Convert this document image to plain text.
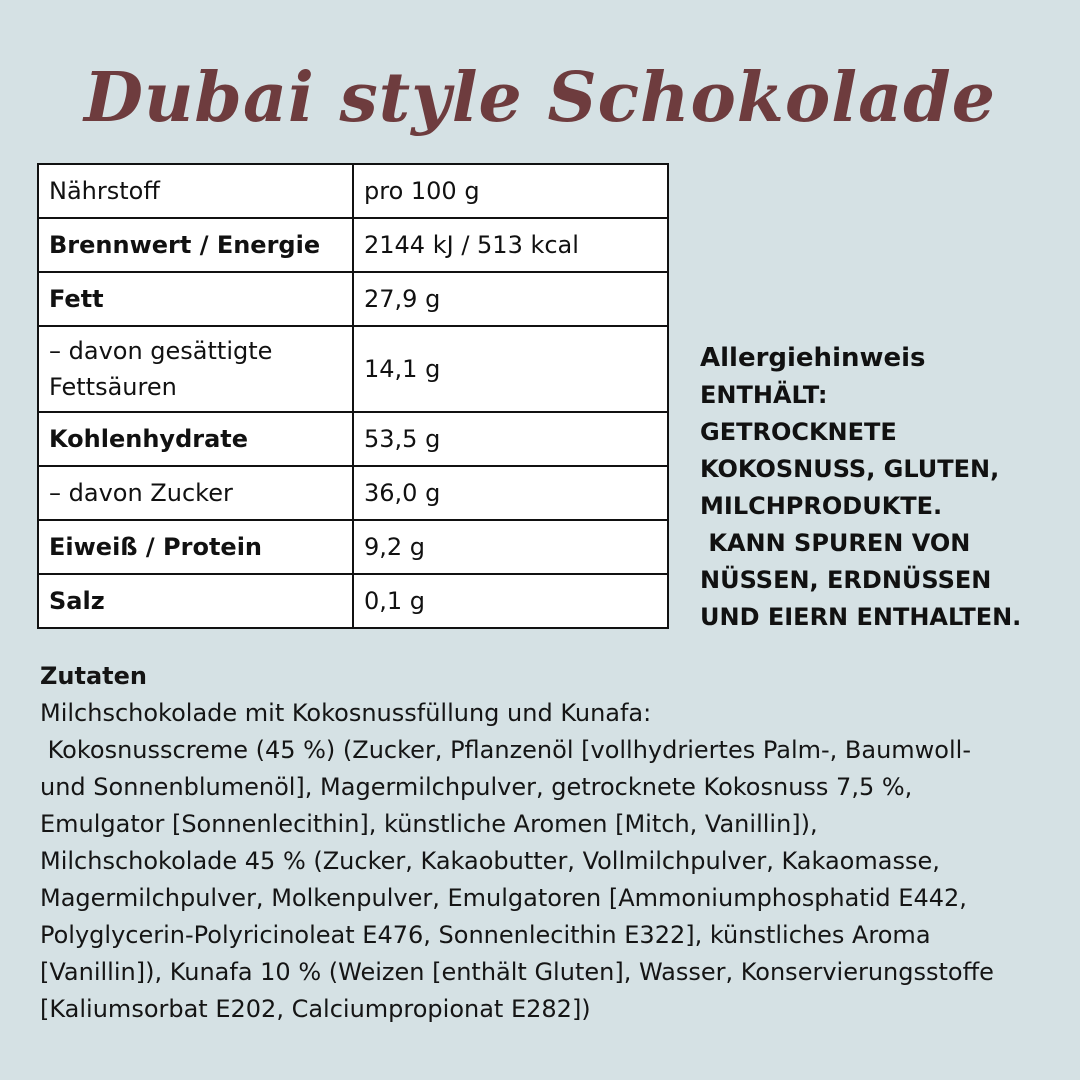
Dubai style Schokolade
Nährstoff	pro 100 g
Brennwert / Energie	2144 kJ / 513 kcal
Fett	27,9 g
– davon gesättigte Fettsäuren	14,1 g
Kohlenhydrate	53,5 g
– davon Zucker	36,0 g
Eiweiß / Protein	9,2 g
Salz	0,1 g
Allergiehinweis
ENTHÄLT:
GETROCKNETE
KOKOSNUSS, GLUTEN,
MILCHPRODUKTE.
KANN SPUREN VON
NÜSSEN, ERDNÜSSEN
UND EIERN ENTHALTEN.
Zutaten
Milchschokolade mit Kokosnussfüllung und Kunafa:
Kokosnusscreme (45 %) (Zucker, Pflanzenöl [vollhydriertes Palm-, Baumwoll-
und Sonnenblumenöl], Magermilchpulver, getrocknete Kokosnuss 7,5 %,
Emulgator [Sonnenlecithin], künstliche Aromen [Mitch, Vanillin]),
Milchschokolade 45 % (Zucker, Kakaobutter, Vollmilchpulver, Kakaomasse,
Magermilchpulver, Molkenpulver, Emulgatoren [Ammoniumphosphatid E442,
Polyglycerin-Polyricinoleat E476, Sonnenlecithin E322], künstliches Aroma
[Vanillin]), Kunafa 10 % (Weizen [enthält Gluten], Wasser, Konservierungsstoffe
[Kaliumsorbat E202, Calciumpropionat E282])
